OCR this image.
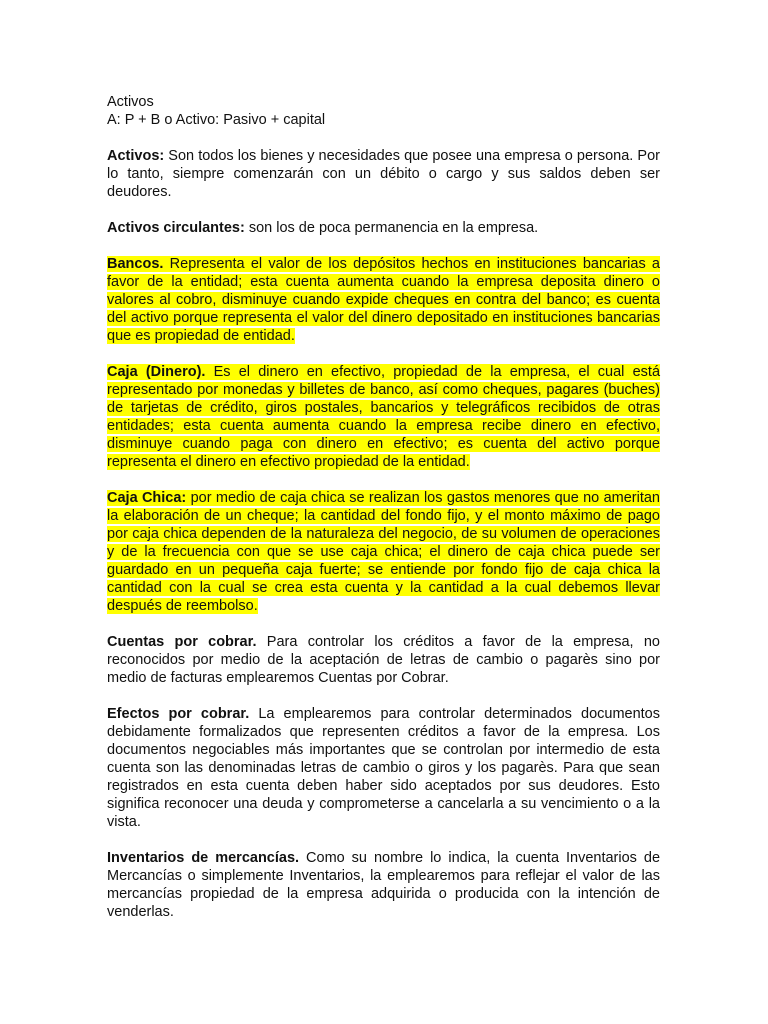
Activos
A: P + B o Activo: Pasivo + capital
Activos: Son todos los bienes y necesidades que posee una empresa o persona. Por lo tanto, siempre comenzarán con un débito o cargo y sus saldos deben ser deudores.
Activos circulantes: son los de poca permanencia en la empresa.
Bancos. Representa el valor de los depósitos hechos en instituciones bancarias a favor de la entidad; esta cuenta aumenta cuando la empresa deposita dinero o valores al cobro, disminuye cuando expide cheques en contra del banco; es cuenta del activo porque representa el valor del dinero depositado en instituciones bancarias que es propiedad de entidad.
Caja (Dinero). Es el dinero en efectivo, propiedad de la empresa, el cual está representado por monedas y billetes de banco, así como cheques, pagares (buches) de tarjetas de crédito, giros postales, bancarios y telegráficos recibidos de otras entidades; esta cuenta aumenta cuando la empresa recibe dinero en efectivo, disminuye cuando paga con dinero en efectivo; es cuenta del activo porque representa el dinero en efectivo propiedad de la entidad.
Caja Chica: por medio de caja chica se realizan los gastos menores que no ameritan la elaboración de un cheque; la cantidad del fondo fijo, y el monto máximo de pago por caja chica dependen de la naturaleza del negocio, de su volumen de operaciones y de la frecuencia con que se use caja chica; el dinero de caja chica puede ser guardado en un pequeña caja fuerte; se entiende por fondo fijo de caja chica la cantidad con la cual se crea esta cuenta y la cantidad a la cual debemos llevar después de reembolso.
Cuentas por cobrar. Para controlar los créditos a favor de la empresa, no reconocidos por medio de la aceptación de letras de cambio o pagarès sino por medio de facturas emplearemos Cuentas por Cobrar.
Efectos por cobrar. La emplearemos para controlar determinados documentos debidamente formalizados que representen créditos a favor de la empresa. Los documentos negociables más importantes que se controlan por intermedio de esta cuenta son las denominadas letras de cambio o giros y los pagarès. Para que sean registrados en esta cuenta deben haber sido aceptados por sus deudores. Esto significa reconocer una deuda y comprometerse a cancelarla a su vencimiento o a la vista.
Inventarios de mercancías. Como su nombre lo indica, la cuenta Inventarios de Mercancías o simplemente Inventarios, la emplearemos para reflejar el valor de las mercancías propiedad de la empresa adquirida o producida con la intención de venderlas.
